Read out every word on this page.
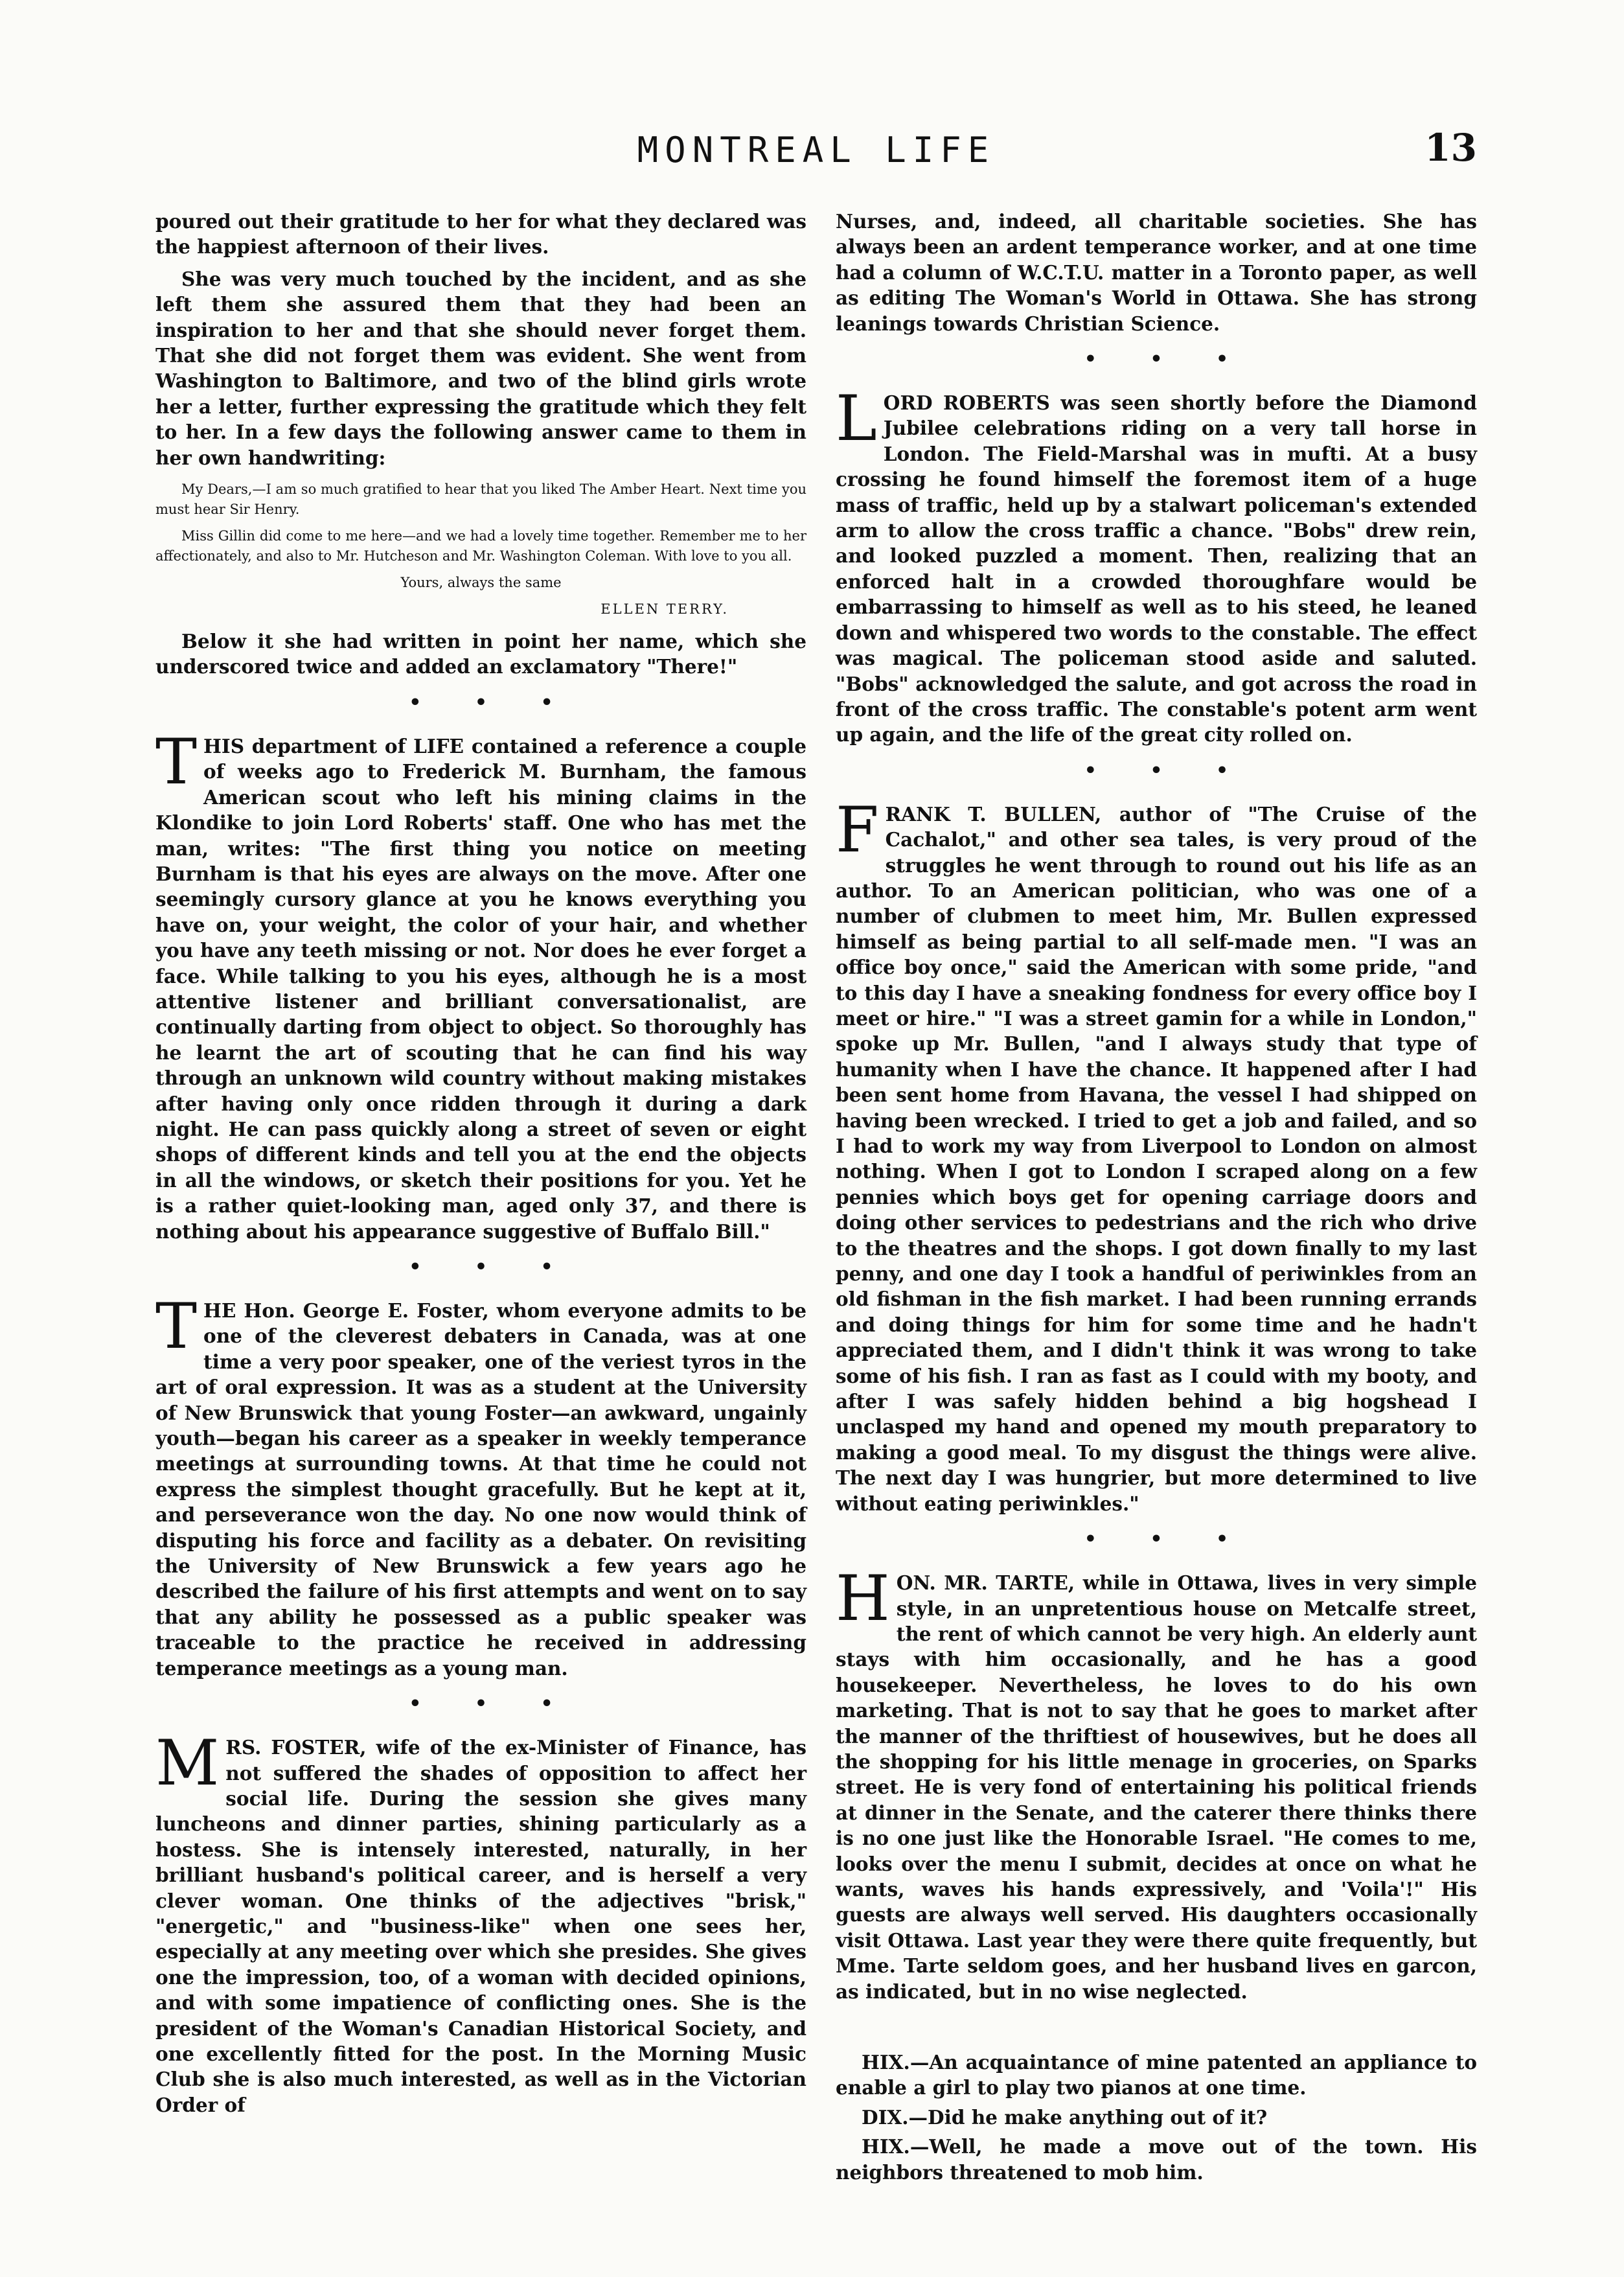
MONTREAL LIFE	13

poured out their gratitude to her for what they declared was the happiest afternoon of their lives.

She was very much touched by the incident, and as she left them she assured them that they had been an inspiration to her and that she should never forget them. That she did not forget them was evident. She went from Washington to Baltimore, and two of the blind girls wrote her a letter, further expressing the gratitude which they felt to her. In a few days the following answer came to them in her own handwriting:

My Dears,—I am so much gratified to hear that you liked The Amber Heart. Next time you must hear Sir Henry.

Miss Gillin did come to me here—and we had a lovely time together. Remember me to her affectionately, and also to Mr. Hutcheson and Mr. Washington Coleman. With love to you all.

Yours, always the same

ELLEN TERRY.

Below it she had written in point her name, which she underscored twice and added an exclamatory "There!"

• • •

THIS department of LIFE contained a reference a couple of weeks ago to Frederick M. Burnham, the famous American scout who left his mining claims in the Klondike to join Lord Roberts' staff. One who has met the man, writes: "The first thing you notice on meeting Burnham is that his eyes are always on the move. After one seemingly cursory glance at you he knows everything you have on, your weight, the color of your hair, and whether you have any teeth missing or not. Nor does he ever forget a face. While talking to you his eyes, although he is a most attentive listener and brilliant conversationalist, are continually darting from object to object. So thoroughly has he learnt the art of scouting that he can find his way through an unknown wild country without making mistakes after having only once ridden through it during a dark night. He can pass quickly along a street of seven or eight shops of different kinds and tell you at the end the objects in all the windows, or sketch their positions for you. Yet he is a rather quiet-looking man, aged only 37, and there is nothing about his appearance suggestive of Buffalo Bill."

• • •

THE Hon. George E. Foster, whom everyone admits to be one of the cleverest debaters in Canada, was at one time a very poor speaker, one of the veriest tyros in the art of oral expression. It was as a student at the University of New Brunswick that young Foster—an awkward, ungainly youth—began his career as a speaker in weekly temperance meetings at surrounding towns. At that time he could not express the simplest thought gracefully. But he kept at it, and perseverance won the day. No one now would think of disputing his force and facility as a debater. On revisiting the University of New Brunswick a few years ago he described the failure of his first attempts and went on to say that any ability he possessed as a public speaker was traceable to the practice he received in addressing temperance meetings as a young man.

• • •

MRS. FOSTER, wife of the ex-Minister of Finance, has not suffered the shades of opposition to affect her social life. During the session she gives many luncheons and dinner parties, shining particularly as a hostess. She is intensely interested, naturally, in her brilliant husband's political career, and is herself a very clever woman. One thinks of the adjectives "brisk," "energetic," and "business-like" when one sees her, especially at any meeting over which she presides. She gives one the impression, too, of a woman with decided opinions, and with some impatience of conflicting ones. She is the president of the Woman's Canadian Historical Society, and one excellently fitted for the post. In the Morning Music Club she is also much interested, as well as in the Victorian Order of

Nurses, and, indeed, all charitable societies. She has always been an ardent temperance worker, and at one time had a column of W.C.T.U. matter in a Toronto paper, as well as editing The Woman's World in Ottawa. She has strong leanings towards Christian Science.

• • •

LORD ROBERTS was seen shortly before the Diamond Jubilee celebrations riding on a very tall horse in London. The Field-Marshal was in mufti. At a busy crossing he found himself the foremost item of a huge mass of traffic, held up by a stalwart policeman's extended arm to allow the cross traffic a chance. "Bobs" drew rein, and looked puzzled a moment. Then, realizing that an enforced halt in a crowded thoroughfare would be embarrassing to himself as well as to his steed, he leaned down and whispered two words to the constable. The effect was magical. The policeman stood aside and saluted. "Bobs" acknowledged the salute, and got across the road in front of the cross traffic. The constable's potent arm went up again, and the life of the great city rolled on.

• • •

FRANK T. BULLEN, author of "The Cruise of the Cachalot," and other sea tales, is very proud of the struggles he went through to round out his life as an author. To an American politician, who was one of a number of clubmen to meet him, Mr. Bullen expressed himself as being partial to all self-made men. "I was an office boy once," said the American with some pride, "and to this day I have a sneaking fondness for every office boy I meet or hire." "I was a street gamin for a while in London," spoke up Mr. Bullen, "and I always study that type of humanity when I have the chance. It happened after I had been sent home from Havana, the vessel I had shipped on having been wrecked. I tried to get a job and failed, and so I had to work my way from Liverpool to London on almost nothing. When I got to London I scraped along on a few pennies which boys get for opening carriage doors and doing other services to pedestrians and the rich who drive to the theatres and the shops. I got down finally to my last penny, and one day I took a handful of periwinkles from an old fishman in the fish market. I had been running errands and doing things for him for some time and he hadn't appreciated them, and I didn't think it was wrong to take some of his fish. I ran as fast as I could with my booty, and after I was safely hidden behind a big hogshead I unclasped my hand and opened my mouth preparatory to making a good meal. To my disgust the things were alive. The next day I was hungrier, but more determined to live without eating periwinkles."

• • •

HON. MR. TARTE, while in Ottawa, lives in very simple style, in an unpretentious house on Metcalfe street, the rent of which cannot be very high. An elderly aunt stays with him occasionally, and he has a good housekeeper. Nevertheless, he loves to do his own marketing. That is not to say that he goes to market after the manner of the thriftiest of housewives, but he does all the shopping for his little menage in groceries, on Sparks street. He is very fond of entertaining his political friends at dinner in the Senate, and the caterer there thinks there is no one just like the Honorable Israel. "He comes to me, looks over the menu I submit, decides at once on what he wants, waves his hands expressively, and 'Voila'!" His guests are always well served. His daughters occasionally visit Ottawa. Last year they were there quite frequently, but Mme. Tarte seldom goes, and her husband lives en garcon, as indicated, but in no wise neglected.

HIX.—An acquaintance of mine patented an appliance to enable a girl to play two pianos at one time.

DIX.—Did he make anything out of it?

HIX.—Well, he made a move out of the town. His neighbors threatened to mob him.
